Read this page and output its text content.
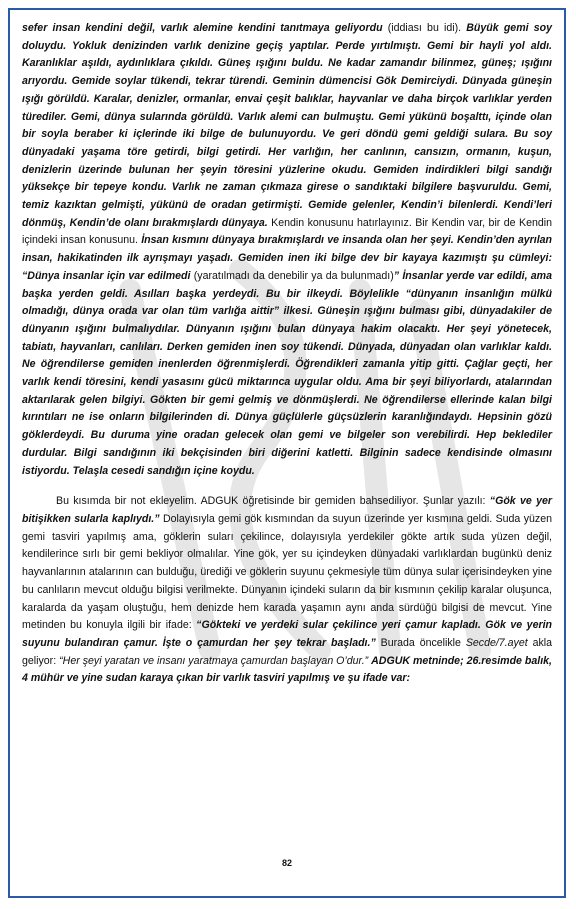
sefer insan kendini değil, varlık alemine kendini tanıtmaya geliyordu (iddiası bu idi). Büyük gemi soy doluydu. Yokluk denizinden varlık denizine geçiş yaptılar. Perde yırtılmıştı. Gemi bir hayli yol aldı. Karanlıklar aşıldı, aydınlıklara çıkıldı. Güneş ışığını buldu. Ne kadar zamandır bilinmez, güneş; ışığını arıyordu. Gemide soylar tükendi, tekrar türendi. Geminin dümencisi Gök Demirciydi. Dünyada güneşin ışığı görüldü. Karalar, denizler, ormanlar, envai çeşit balıklar, hayvanlar ve daha birçok varlıklar yerden türediler. Gemi, dünya sularında görüldü. Varlık alemi can bulmuştu. Gemi yükünü boşalttı, içinde olan bir soyla beraber ki içlerinde iki bilge de bulunuyordu. Ve geri döndü gemi geldiği sulara. Bu soy dünyadaki yaşama töre getirdi, bilgi getirdi. Her varlığın, her canlının, cansızın, ormanın, kuşun, denizlerin üzerinde bulunan her şeyin töresini yüzlerine okudu. Gemiden indirdikleri bilgi sandığı yüksekçe bir tepeye kondu. Varlık ne zaman çıkmaza girese o sandıktaki bilgilere başvuruldu. Gemi, temiz kazıktan gelmişti, yükünü de oradan getirmişti. Gemide gelenler, Kendin’i bilenlerdi. Kendi’leri dönmüş, Kendin’de olanı bırakmışlardı dünyaya. Kendin konusunu hatırlayınız. Bir Kendin var, bir de Kendin içindeki insan konusunu. İnsan kısmını dünyaya bırakmışlardı ve insanda olan her şeyi. Kendin’den ayrılan insan, hakikatinden ilk ayrışmayı yaşadı. Gemiden inen iki bilge dev bir kayaya kazımıştı şu cümleyi: “Dünya insanlar için var edilmedi (yaratılmadı da denebilir ya da bulunmadı)” İnsanlar yerde var edildi, ama başka yerden geldi. Asılları başka yerdeydi. Bu bir ilkeydi. Böylelikle “dünyanın insanlığın mülkü olmadığı, dünya orada var olan tüm varlığa aittir” ilkesi. Güneşin ışığını bulması gibi, dünyadakiler de dünyanın ışığını bulmalıydılar. Dünyanın ışığını bulan dünyaya hakim olacaktı. Her şeyi yönetecek, tabiatı, hayvanları, canlıları. Derken gemiden inen soy tükendi. Dünyada, dünyadan olan varlıklar kaldı. Ne öğrendilerse gemiden inenlerden öğrenmişlerdi. Öğrendikleri zamanla yitip gitti. Çağlar geçti, her varlık kendi töresini, kendi yasasını gücü miktarınca uygular oldu. Ama bir şeyi biliyorlardı, atalarından aktarılarak gelen bilgiyi. Gökten bir gemi gelmiş ve dönmüşlerdi. Ne öğrendilerse ellerinde kalan bilgi kırıntıları ne ise onların bilgilerinden di. Dünya güçlülerle güçsüzlerin karanlığındaydı. Hepsinin gözü göklerdeydi. Bu duruma yine oradan gelecek olan gemi ve bilgeler son verebilirdi. Hep beklediler durdular. Bilgi sandığının iki bekçisinden biri diğerini katletti. Bilginin sadece kendisinde olmasını istiyordu. Telaşla cesedi sandığın içine koydu.

Bu kısımda bir not ekleyelim. ADGUK öğretisinde bir gemiden bahsediliyor. Şunlar yazılı: “Gök ve yer bitişikken sularla kaplıydı.” Dolayısıyla gemi gök kısmından da suyun üzerinde yer kısmına geldi. Suda yüzen gemi tasviri yapılmış ama, göklerin suları çekilince, dolayısıyla yerdekiler gökte artık suda yüzen değil, kendilerince sırlı bir gemi bekliyor olmalılar. Yine gök, yer su içindeyken dünyadaki varlıklardan bugünkü deniz hayvanlarının atalarının can bulduğu, ürediği ve göklerin suyunu çekmesiyle tüm dünya sular içerisindeyken yine bu canlıların mevcut olduğu bilgisi verilmekte. Dünyanın içindeki suların da bir kısmının çekilip karalar oluşunca, karalarda da yaşam oluştuğu, hem denizde hem karada yaşamın aynı anda sürdüğü bilgisi de mevcut. Yine metinden bu konuyla ilgili bir ifade: “Gökteki ve yerdeki sular çekilince yeri çamur kapladı. Gök ve yerin suyunu bulandıran çamur. İşte o çamurdan her şey tekrar başladı.” Burada öncelikle Secde/7.ayet akla geliyor: “Her şeyi yaratan ve insanı yaratmaya çamurdan başlayan O’dur.” ADGUK metninde; 26.resimde balık, 4 mühür ve yine sudan karaya çıkan bir varlık tasviri yapılmış ve şu ifade var:

82
